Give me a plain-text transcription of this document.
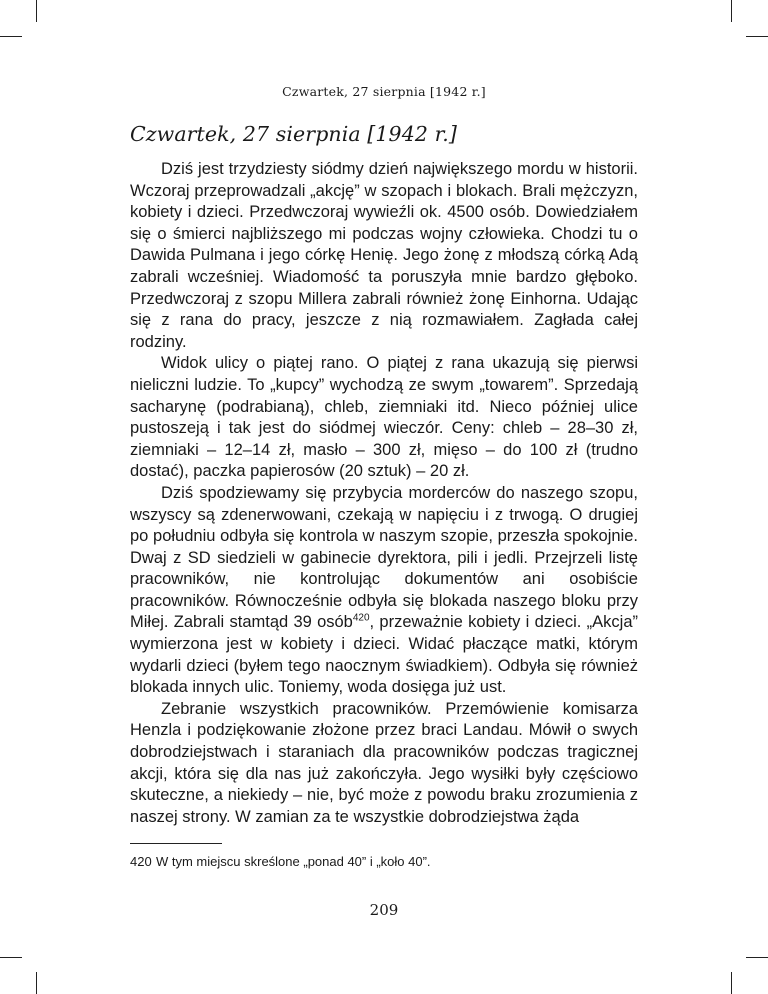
Czwartek, 27 sierpnia [1942 r.]
Czwartek, 27 sierpnia [1942 r.]

Dziś jest trzydziesty siódmy dzień największego mordu w historii. Wczoraj przeprowadzali „akcję” w szopach i blokach. Brali mężczyzn, kobiety i dzieci. Przedwczoraj wywieźli ok. 4500 osób. Dowiedziałem się o śmierci najbliższego mi podczas wojny człowieka. Chodzi tu o Dawida Pulmana i jego córkę Henię. Jego żonę z młodszą córką Adą zabrali wcześniej. Wiadomość ta poruszyła mnie bardzo głęboko. Przedwczoraj z szopu Millera zabrali również żonę Einhorna. Udając się z rana do pracy, jeszcze z nią rozmawiałem. Zagłada całej rodziny.

Widok ulicy o piątej rano. O piątej z rana ukazują się pierwsi nieliczni ludzie. To „kupcy” wychodzą ze swym „towarem”. Sprzedają sacharynę (podrabianą), chleb, ziemniaki itd. Nieco później ulice pustoszeją i tak jest do siódmej wieczór. Ceny: chleb – 28–30 zł, ziemniaki – 12–14 zł, masło – 300 zł, mięso – do 100 zł (trudno dostać), paczka papierosów (20 sztuk) – 20 zł.

Dziś spodziewamy się przybycia morderców do naszego szopu, wszyscy są zdenerwowani, czekają w napięciu i z trwogą. O drugiej po południu odbyła się kontrola w naszym szopie, przeszła spokojnie. Dwaj z SD siedzieli w gabinecie dyrektora, pili i jedli. Przejrzeli listę pracowników, nie kontrolując dokumentów ani osobiście pracowników. Równocześnie odbyła się blokada naszego bloku przy Miłej. Zabrali stamtąd 39 osób$^{420}$, przeważnie kobiety i dzieci. „Akcja” wymierzona jest w kobiety i dzieci. Widać płaczące matki, którym wydarli dzieci (byłem tego naocznym świadkiem). Odbyła się również blokada innych ulic. Toniemy, woda dosięga już ust.

Zebranie wszystkich pracowników. Przemówienie komisarza Henzla i podziękowanie złożone przez braci Landau. Mówił o swych dobrodziejstwach i staraniach dla pracowników podczas tragicznej akcji, która się dla nas już zakończyła. Jego wysiłki były częściowo skuteczne, a niekiedy – nie, być może z powodu braku zrozumienia z naszej strony. W zamian za te wszystkie dobrodziejstwa żąda

420 W tym miejscu skreślone „ponad 40” i „koło 40”.
209
